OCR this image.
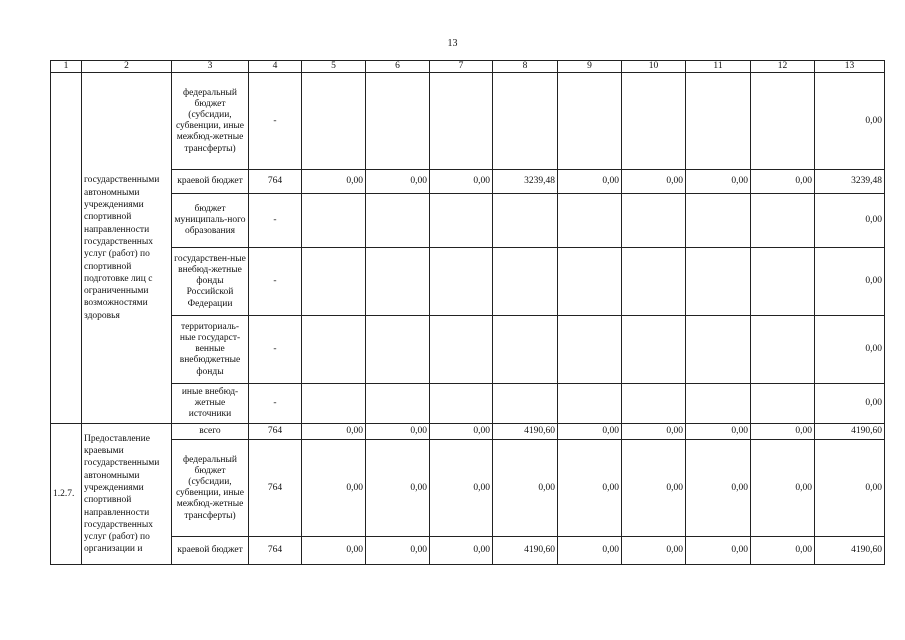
13
1	2	3	4	5	6	7	8	9	10	11	12	13
	государственными автономными учреждениями спортивной направленности государственных услуг (работ) по спортивной подготовке лиц с ограниченными возможностями здоровья	федеральный бюджет (субсидии, субвенции, иные межбюд-жетные трансферты)	-									0,00
		краевой бюджет	764	0,00	0,00	0,00	3239,48	0,00	0,00	0,00	0,00	3239,48
		бюджет муниципаль-ного образования	-									0,00
		государствен-ные внебюд-жетные фонды Российской Федерации	-									0,00
		территориаль-ные государст-венные внебюджетные фонды	-									0,00
		иные внебюд-жетные источники	-									0,00
1.2.7.	Предоставление краевыми государственными автономными учреждениями спортивной направленности государственных услуг (работ) по организации и	всего	764	0,00	0,00	0,00	4190,60	0,00	0,00	0,00	0,00	4190,60
		федеральный бюджет (субсидии, субвенции, иные межбюд-жетные трансферты)	764	0,00	0,00	0,00	0,00	0,00	0,00	0,00	0,00	0,00
		краевой бюджет	764	0,00	0,00	0,00	4190,60	0,00	0,00	0,00	0,00	4190,60
